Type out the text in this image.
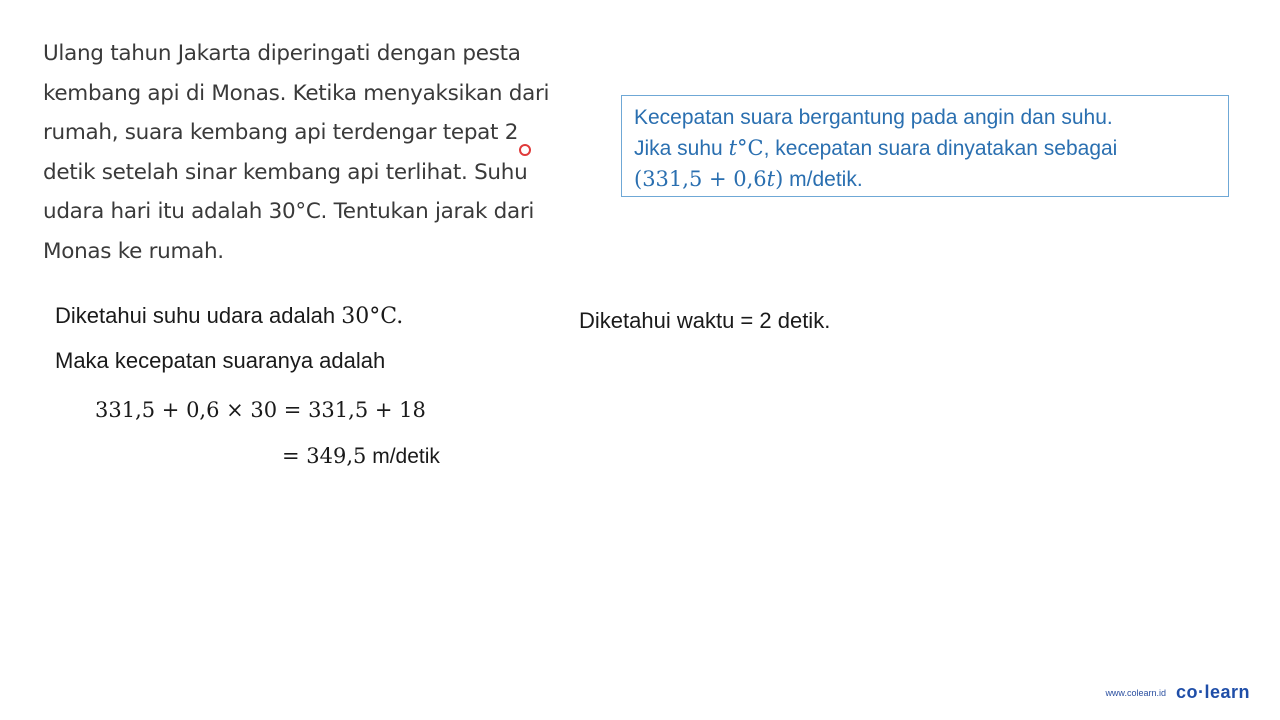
Ulang tahun Jakarta diperingati dengan pesta
kembang api di Monas. Ketika menyaksikan dari
rumah, suara kembang api terdengar tepat 2
detik setelah sinar kembang api terlihat. Suhu
udara hari itu adalah 30°C. Tentukan jarak dari
Monas ke rumah.
Kecepatan suara bergantung pada angin dan suhu.
Jika suhu t°C, kecepatan suara dinyatakan sebagai
(331,5 + 0,6t) m/detik.
Diketahui suhu udara adalah 30°C.
Maka kecepatan suaranya adalah
331,5 + 0,6 × 30 = 331,5 + 18
= 349,5 m/detik
Diketahui waktu = 2 detik.
www.colearn.id co·learn
